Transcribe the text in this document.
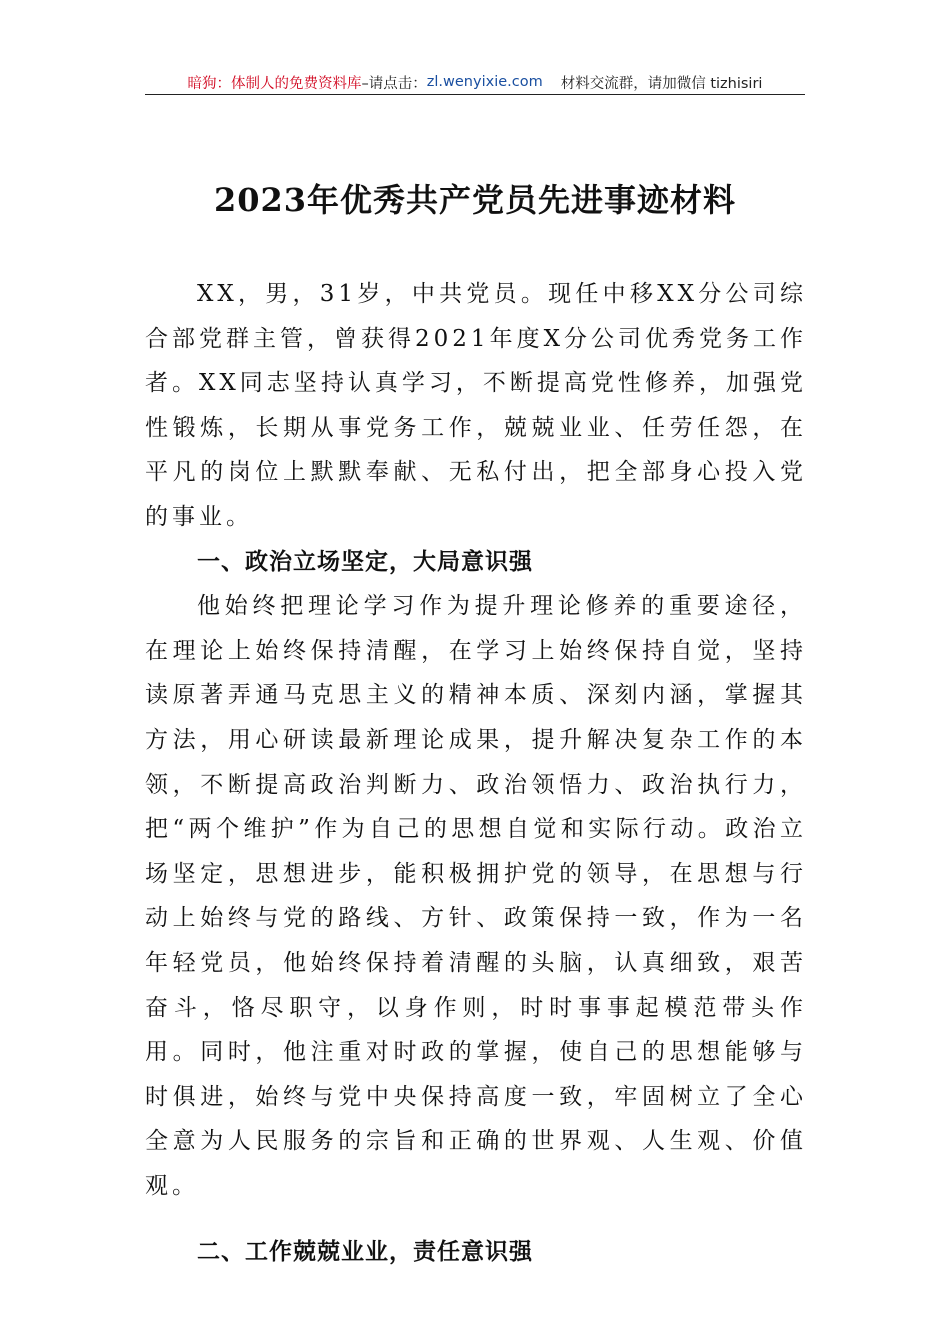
暗狗：体制人的免费资料库 –请点击： zl.wenyixie.com 材料交流群，请加微信 tizhisiri
2023年优秀共产党员先进事迹材料

XX，男，31岁，中共党员。现任中移XX分公司综合部党群主管，曾获得2021年度X分公司优秀党务工作者。XX同志坚持认真学习，不断提高党性修养，加强党性锻炼，长期从事党务工作，兢兢业业、任劳任怨，在平凡的岗位上默默奉献、无私付出，把全部身心投入党的事业。

一、政治立场坚定，大局意识强

他始终把理论学习作为提升理论修养的重要途径，在理论上始终保持清醒，在学习上始终保持自觉，坚持读原著弄通马克思主义的精神本质、深刻内涵，掌握其方法，用心研读最新理论成果，提升解决复杂工作的本领，不断提高政治判断力、政治领悟力、政治执行力，把“两个维护”作为自己的思想自觉和实际行动。政治立场坚定，思想进步，能积极拥护党的领导，在思想与行动上始终与党的路线、方针、政策保持一致，作为一名年轻党员，他始终保持着清醒的头脑，认真细致，艰苦奋斗，恪尽职守，以身作则，时时事事起模范带头作用。同时，他注重对时政的掌握，使自己的思想能够与时俱进，始终与党中央保持高度一致，牢固树立了全心全意为人民服务的宗旨和正确的世界观、人生观、价值观。

二、工作兢兢业业，责任意识强
